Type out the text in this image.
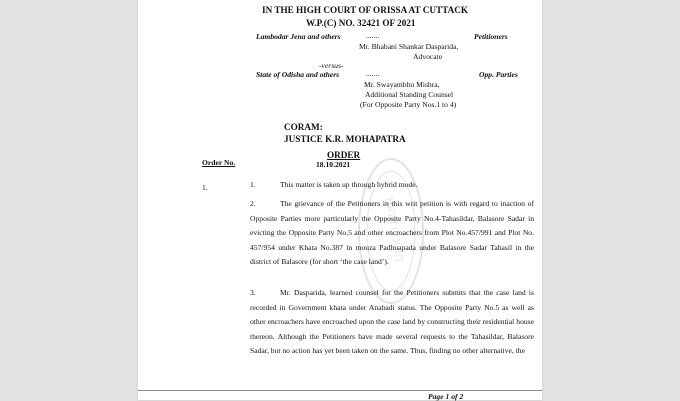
IN THE HIGH COURT OF ORISSA AT CUTTACK
W.P.(C) NO. 32421 OF 2021
Lambodar Jena and others	.......	Petitioners
Mr. Bhabani Shankar Dasparida,
Advocate
-versus-
State of Odisha and others	.......	Opp. Parties
Mr. Swayambhu Mishra,
Additional Standing Counsel
(For Opposite Party Nos.1 to 4)
CORAM:
JUSTICE K.R. MOHAPATRA
ORDER
18.10.2021
Order No.
1.	1.	This matter is taken up through hybrid mode.
2.	The grievance of the Petitioners in this writ petition is with regard to inaction of Opposite Parties more particularly the Opposite Party No.4-Tahasildar, Balasore Sadar in evicting the Opposite Party No.5 and other encroachers from Plot No.457/991 and Plot No. 457/954 under Khata No.387 in mouza Padhuapada under Balasore Sadar Tahasil in the district of Balasore (for short ‘the case land’).
3.	Mr. Dasparida, learned counsel for the Petitioners submits that the case land is recorded in Government khata under Anabadi status. The Opposite Party No.5 as well as other encroachers have encroached upon the case land by constructing their residential house thereon. Although the Petitioners have made several requests to the Tahasildar, Balasore Sadar, but no action has yet been taken on the same. Thus, finding no other alternative, the
Page 1 of 2
HIGH COURT
